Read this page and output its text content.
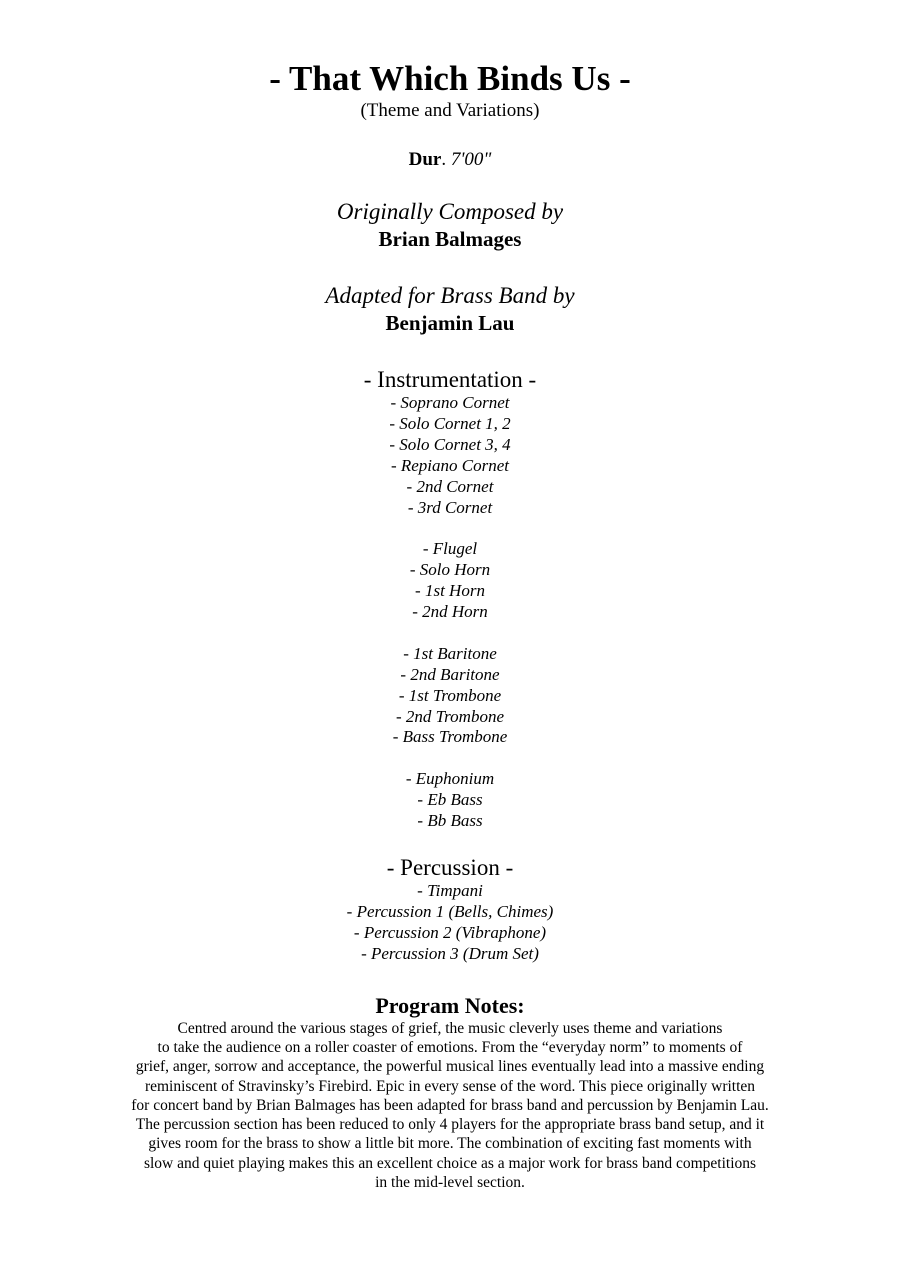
- That Which Binds Us -
(Theme and Variations)
Dur. 7'00"
Originally Composed by
Brian Balmages
Adapted for Brass Band by
Benjamin Lau
- Instrumentation -
- Soprano Cornet
- Solo Cornet 1, 2
- Solo Cornet 3, 4
- Repiano Cornet
- 2nd Cornet
- 3rd Cornet
- Flugel
- Solo Horn
- 1st Horn
- 2nd Horn
- 1st Baritone
- 2nd Baritone
- 1st Trombone
- 2nd Trombone
- Bass Trombone
- Euphonium
- Eb Bass
- Bb Bass
- Percussion -
- Timpani
- Percussion 1 (Bells, Chimes)
- Percussion 2 (Vibraphone)
- Percussion 3 (Drum Set)
Program Notes:
Centred around the various stages of grief, the music cleverly uses theme and variations
to take the audience on a roller coaster of emotions. From the “everyday norm” to moments of
grief, anger, sorrow and acceptance, the powerful musical lines eventually lead into a massive ending
reminiscent of Stravinsky’s Firebird. Epic in every sense of the word. This piece originally written
for concert band by Brian Balmages has been adapted for brass band and percussion by Benjamin Lau.
The percussion section has been reduced to only 4 players for the appropriate brass band setup, and it
gives room for the brass to show a little bit more. The combination of exciting fast moments with
slow and quiet playing makes this an excellent choice as a major work for brass band competitions
in the mid-level section.
